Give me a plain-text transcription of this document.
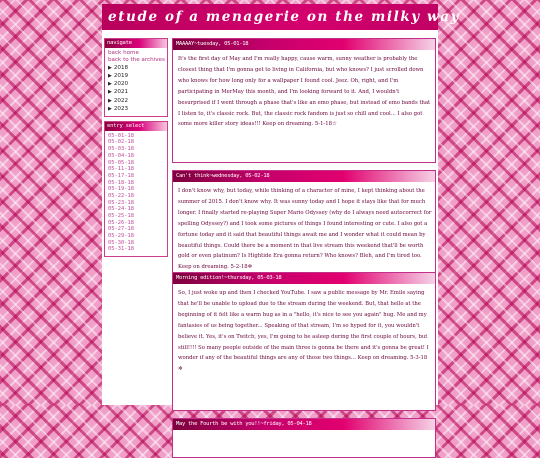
etude of a menagerie on the milky way
navigate
back home
back to the archives
▶ 2018
▶ 2019
▶ 2020
▶ 2021
▶ 2022
▶ 2023
entry select
05-01-18
05-02-18
05-03-18
05-04-18
05-05-18
05-11-18
05-17-18
05-18-18
05-19-18
05-22-18
05-23-18
05-24-18
05-25-18
05-26-18
05-27-18
05-29-18
05-30-18
05-31-18
MAAAAY~tuesday, 05-01-18
It's the first day of May and I'm really happy, cause warm, sunny weather is probably the closest thing that I'm gonna get to living in California, but who knows? I just scrolled down who knows for how long only for a wallpaper I found cool. Jeez. Oh, right, and I'm participating in MerMay this month, and I'm looking forward to it. And, I wouldn't besurprised if I went through a phase that's like an emo phase, but instead of emo bands that I listen to, it's classic rock. But, the classic rock fandom is just so chill and cool... I also got some more killer story ideas!!! Keep on dreaming. 5-1-18☆
Can't think~wednesday, 05-02-18
I don't know why, but today, while thinking of a character of mine, I kept thinking about the summer of 2015. I don't know why. It was sunny today and I hope it stays like that for much longer. I finally started re-playing Super Mario Odyssey (why do I always need autocorrect for spelling Odyssey?) and I took some pictures of things I found interesting or cute. I also got a fortune today and it said that beautiful things await me and I wonder what it could mean by beautiful things. Could there be a moment in that live stream this weekend that'll be worth gold or even platinum? Is Hightide Era gonna return? Who knows? Bleh, and I'm tired too. Keep on dreaming. 5-2-18✲
Morning edition!~thursday, 05-03-18
So, I just woke up and then I checked YouTube. I saw a public message by Mr. Emile saying that he'll be unable to upload due to the stream during the weekend. But, that hello at the beginning of it felt like a warm hug as in a "hello, it's nice to see you again" hug. Me and my fantasies of us being together... Speaking of that stream, I'm so hyped for it, you wouldn't believe it. Yes, it's on Twitch, yes, I'm going to be asleep during the first couple of hours, but still!!!! So many people outside of the main three is gonna be there and it's gonna be great! I wonder if any of the beautiful things are any of those two things... Keep on dreaming. 5-3-18 ✲
May the Fourth be with you!!~friday, 05-04-18
